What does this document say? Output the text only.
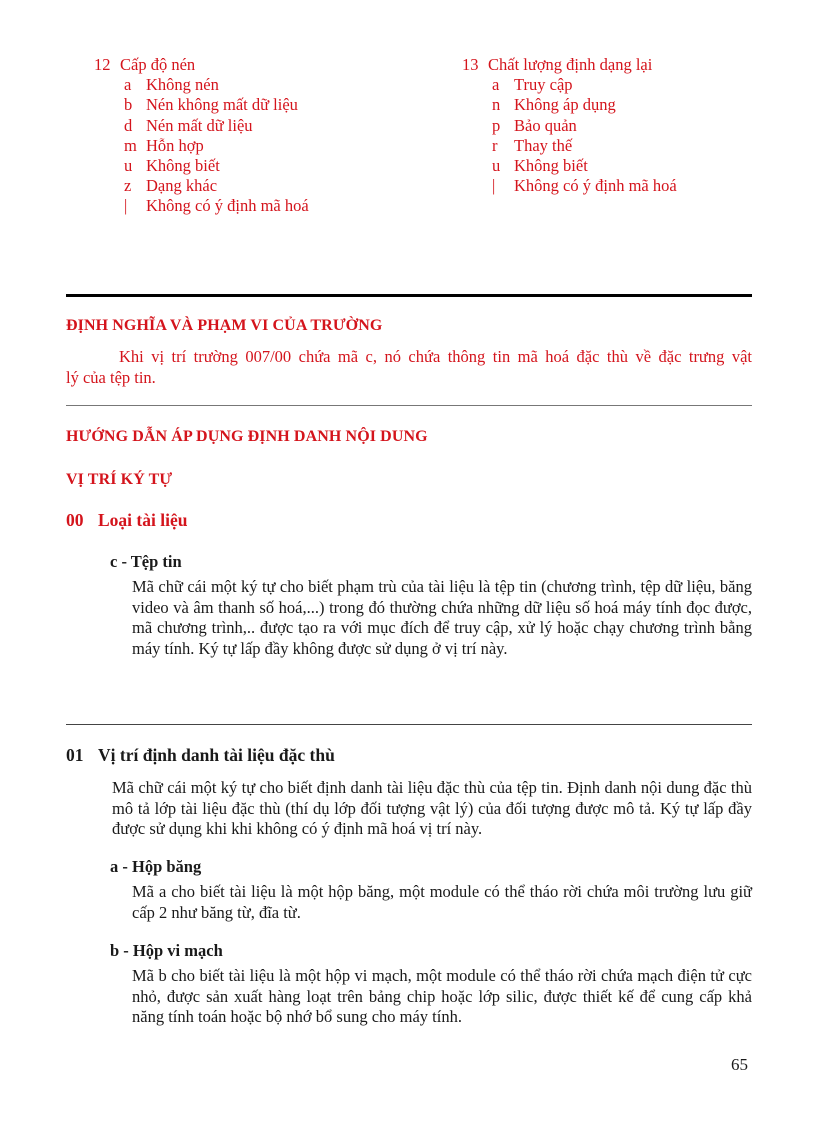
12 Cấp độ nén
a Không nén
b Nén không mất dữ liệu
d Nén mất dữ liệu
m Hỗn hợp
u Không biết
z Dạng khác
| Không có ý định mã hoá
13 Chất lượng định dạng lại
a Truy cập
n Không áp dụng
p Bảo quản
r Thay thế
u Không biết
| Không có ý định mã hoá
ĐỊNH NGHĨA VÀ PHẠM VI CỦA TRƯỜNG

Khi vị trí trường 007/00 chứa mã c, nó chứa thông tin mã hoá đặc thù về đặc trưng vật

lý của tệp tin.

HƯỚNG DẪN ÁP DỤNG ĐỊNH DANH NỘI DUNG
VỊ TRÍ KÝ TỰ
00 Loại tài liệu
c - Tệp tin

Mã chữ cái một ký tự cho biết phạm trù của tài liệu là tệp tin (chương trình, tệp dữ liệu, băng video và âm thanh số hoá,...) trong đó thường chứa những dữ liệu số hoá máy tính đọc được, mã chương trình,.. được tạo ra với mục đích để truy cập, xử lý hoặc chạy chương trình bằng máy tính. Ký tự lấp đầy không được sử dụng ở vị trí này.

01 Vị trí định danh tài liệu đặc thù

Mã chữ cái một ký tự cho biết định danh tài liệu đặc thù của tệp tin. Định danh nội dung đặc thù mô tả lớp tài liệu đặc thù (thí dụ lớp đối tượng vật lý) của đối tượng được mô tả. Ký tự lấp đầy được sử dụng khi khi không có ý định mã hoá vị trí này.

a - Hộp băng

Mã a cho biết tài liệu là một hộp băng, một module có thể tháo rời chứa môi trường lưu giữ cấp 2 như băng từ, đĩa từ.

b - Hộp vi mạch

Mã b cho biết tài liệu là một hộp vi mạch, một module có thể tháo rời chứa mạch điện tử cực nhỏ, được sản xuất hàng loạt trên bảng chip hoặc lớp silic, được thiết kế để cung cấp khả năng tính toán hoặc bộ nhớ bổ sung cho máy tính.

65
